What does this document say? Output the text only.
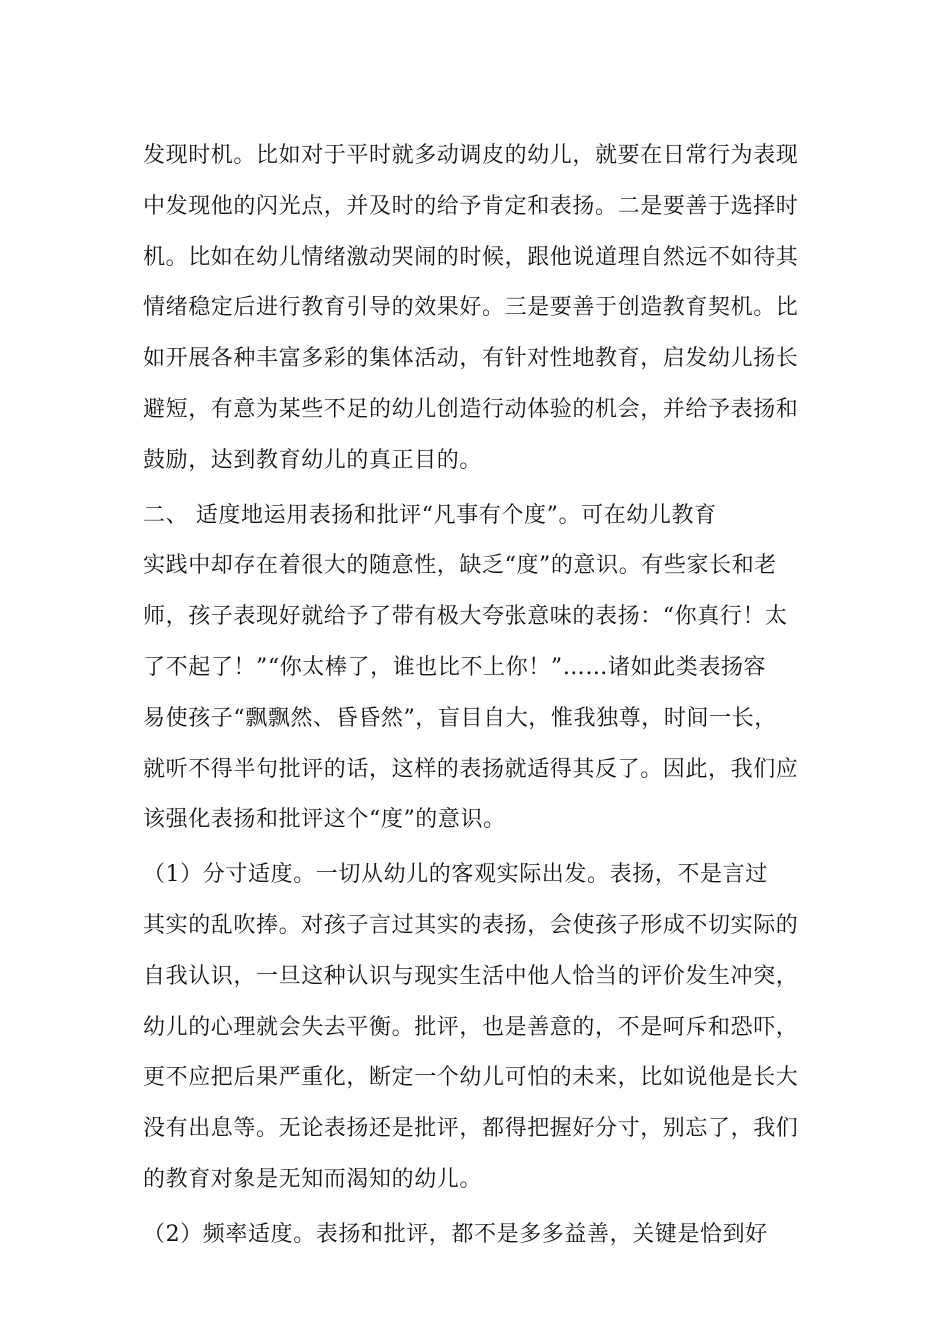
发现时机。比如对于平时就多动调皮的幼儿，就要在日常行为表现
中发现他的闪光点，并及时的给予肯定和表扬。二是要善于选择时
机。比如在幼儿情绪激动哭闹的时候，跟他说道理自然远不如待其
情绪稳定后进行教育引导的效果好。三是要善于创造教育契机。比
如开展各种丰富多彩的集体活动，有针对性地教育，启发幼儿扬长
避短，有意为某些不足的幼儿创造行动体验的机会，并给予表扬和
鼓励，达到教育幼儿的真正目的。
二、 适度地运用表扬和批评“凡事有个度”。可在幼儿教育
实践中却存在着很大的随意性，缺乏“度”的意识。有些家长和老
师，孩子表现好就给予了带有极大夸张意味的表扬：“你真行！太
了不起了！”“你太棒了，谁也比不上你！”……诸如此类表扬容
易使孩子“飘飘然、昏昏然”，盲目自大，惟我独尊，时间一长，
就听不得半句批评的话，这样的表扬就适得其反了。因此，我们应
该强化表扬和批评这个“度”的意识。
（1）分寸适度。一切从幼儿的客观实际出发。表扬，不是言过
其实的乱吹捧。对孩子言过其实的表扬，会使孩子形成不切实际的
自我认识，一旦这种认识与现实生活中他人恰当的评价发生冲突，
幼儿的心理就会失去平衡。批评，也是善意的，不是呵斥和恐吓，
更不应把后果严重化，断定一个幼儿可怕的未来，比如说他是长大
没有出息等。无论表扬还是批评，都得把握好分寸，别忘了，我们
的教育对象是无知而渴知的幼儿。
（2）频率适度。表扬和批评，都不是多多益善，关键是恰到好
